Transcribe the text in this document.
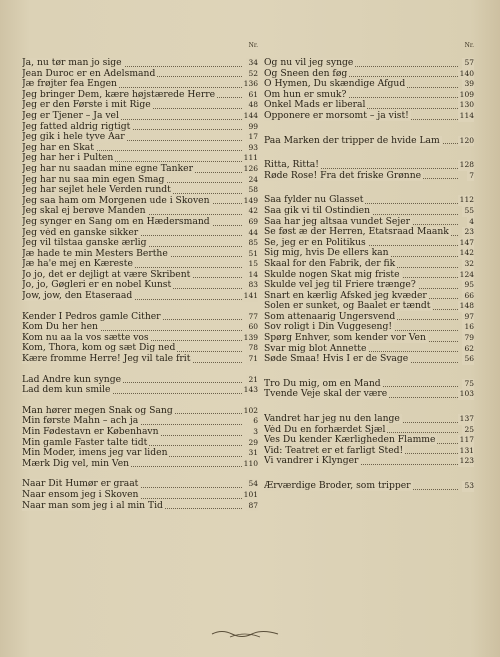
Nr.
Ja, nu tør man jo sige	34
Jean Duroc er en Adelsmand	52
Jæ frøjter fea Engen	136
Jeg bringer Dem, kære højstærede Herre	61
Jeg er den Første i mit Rige	48
Jeg er Tjener – Ja vel	144
Jeg fatted aldrig rigtigt	99
Jeg gik i hele tyve Aar	17
Jeg har en Skat	93
Jeg har her i Pulten	111
Jeg har nu saadan mine egne Tanker	126
Jeg har nu saa min egen Smag	24
Jeg har sejlet hele Verden rundt	58
Jeg saa ham om Morgenen ude i Skoven	149
Jeg skal ej berøve Manden	42
Jeg synger en Sang om en Hædersmand	69
Jeg véd en ganske sikker	44
Jeg vil tilstaa ganske ærlig	85
Jæ hade te min Mesters Berthe	51
Jæ ha'e mej en Kæreste	15
Jo jo, det er dejligt at være Skribent	14
Jo, jo, Gøgleri er en nobel Kunst	83
Jow, jow, den Etaseraad	141
Kender I Pedros gamle Cither	77
Kom Du her hen	60
Kom nu aa la vos sætte vos	139
Kom, Thora, kom og sæt Dig ned	78
Kære fromme Herre! Jeg vil tale frit	71
Lad Andre kun synge	21
Lad dem kun smile	143
Man hører megen Snak og Sang	102
Min første Mahn – ach ja	6
Min Fødestavn er København	3
Min gamle Faster talte tidt	29
Min Moder, imens jeg var liden	31
Mærk Dig vel, min Ven	110
Naar Dit Humør er graat	54
Naar ensom jeg i Skoven	101
Naar man som jeg i al min Tid	87
Nr.
Og nu vil jeg synge	57
Og Sneen den føg	140
O Hymen, Du skændige Afgud	39
Om hun er smuk?	109
Onkel Mads er liberal	130
Opponere er morsomt – ja vist!	114
Paa Marken der tripper de hvide Lam	120
Ritta, Ritta!	128
Røde Rose! Fra det friske Grønne	7
Saa fylder nu Glasset	112
Saa gik vi til Ostindien	55
Saa har jeg altsaa vundet Sejer	4
Se føst æ der Herren, Etatsraad Maank 23
Se, jeg er en Politikus	147
Sig mig, hvis De ellers kan	142
Skaal for den Fabrik, der fik	32
Skulde nogen Skat mig friste	124
Skulde vel jeg til Friere trænge?	95
Snart en kærlig Afsked jeg kvæder	66
Solen er sunket, og Baalet er tændt	148
Som attenaarig Ungersvend	97
Sov roligt i Din Vuggeseng!	16
Spørg Enhver, som kender vor Ven	79
Svar mig blot Annette	62
Søde Smaa! Hvis I er de Svage	56
Tro Du mig, om en Mand	75
Tvende Veje skal der være	103
Vandret har jeg nu den lange	137
Véd Du en forhærdet Sjæl	25
Ves Du kender Kærligheden Flamme	117
Vid: Teatret er et farligt Sted!	131
Vi vandrer i Klynger	123
Ærværdige Broder, som tripper	53
